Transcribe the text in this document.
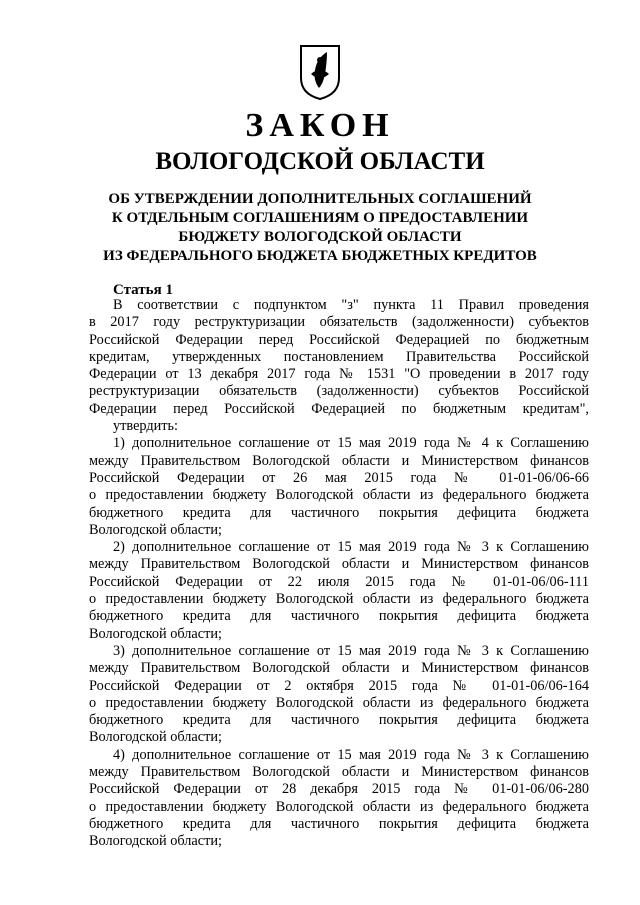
ЗАКОН
ВОЛОГОДСКОЙ ОБЛАСТИ
ОБ УТВЕРЖДЕНИИ ДОПОЛНИТЕЛЬНЫХ СОГЛАШЕНИЙ
К ОТДЕЛЬНЫМ СОГЛАШЕНИЯМ О ПРЕДОСТАВЛЕНИИ
БЮДЖЕТУ ВОЛОГОДСКОЙ ОБЛАСТИ
ИЗ ФЕДЕРАЛЬНОГО БЮДЖЕТА БЮДЖЕТНЫХ КРЕДИТОВ
Статья 1
В соответствии с подпунктом "з" пункта 11 Правил проведения
в 2017 году реструктуризации обязательств (задолженности) субъектов
Российской Федерации перед Российской Федерацией по бюджетным
кредитам, утвержденных постановлением Правительства Российской
Федерации от 13 декабря 2017 года № 1531 "О проведении в 2017 году
реструктуризации обязательств (задолженности) субъектов Российской
Федерации перед Российской Федерацией по бюджетным кредитам",
утвердить:
1) дополнительное соглашение от 15 мая 2019 года № 4 к Соглашению
между Правительством Вологодской области и Министерством финансов
Российской Федерации от 26 мая 2015 года № 01-01-06/06-66
о предоставлении бюджету Вологодской области из федерального бюджета
бюджетного кредита для частичного покрытия дефицита бюджета
Вологодской области;
2) дополнительное соглашение от 15 мая 2019 года № 3 к Соглашению
между Правительством Вологодской области и Министерством финансов
Российской Федерации от 22 июля 2015 года № 01-01-06/06-111
о предоставлении бюджету Вологодской области из федерального бюджета
бюджетного кредита для частичного покрытия дефицита бюджета
Вологодской области;
3) дополнительное соглашение от 15 мая 2019 года № 3 к Соглашению
между Правительством Вологодской области и Министерством финансов
Российской Федерации от 2 октября 2015 года № 01-01-06/06-164
о предоставлении бюджету Вологодской области из федерального бюджета
бюджетного кредита для частичного покрытия дефицита бюджета
Вологодской области;
4) дополнительное соглашение от 15 мая 2019 года № 3 к Соглашению
между Правительством Вологодской области и Министерством финансов
Российской Федерации от 28 декабря 2015 года № 01-01-06/06-280
о предоставлении бюджету Вологодской области из федерального бюджета
бюджетного кредита для частичного покрытия дефицита бюджета
Вологодской области;
